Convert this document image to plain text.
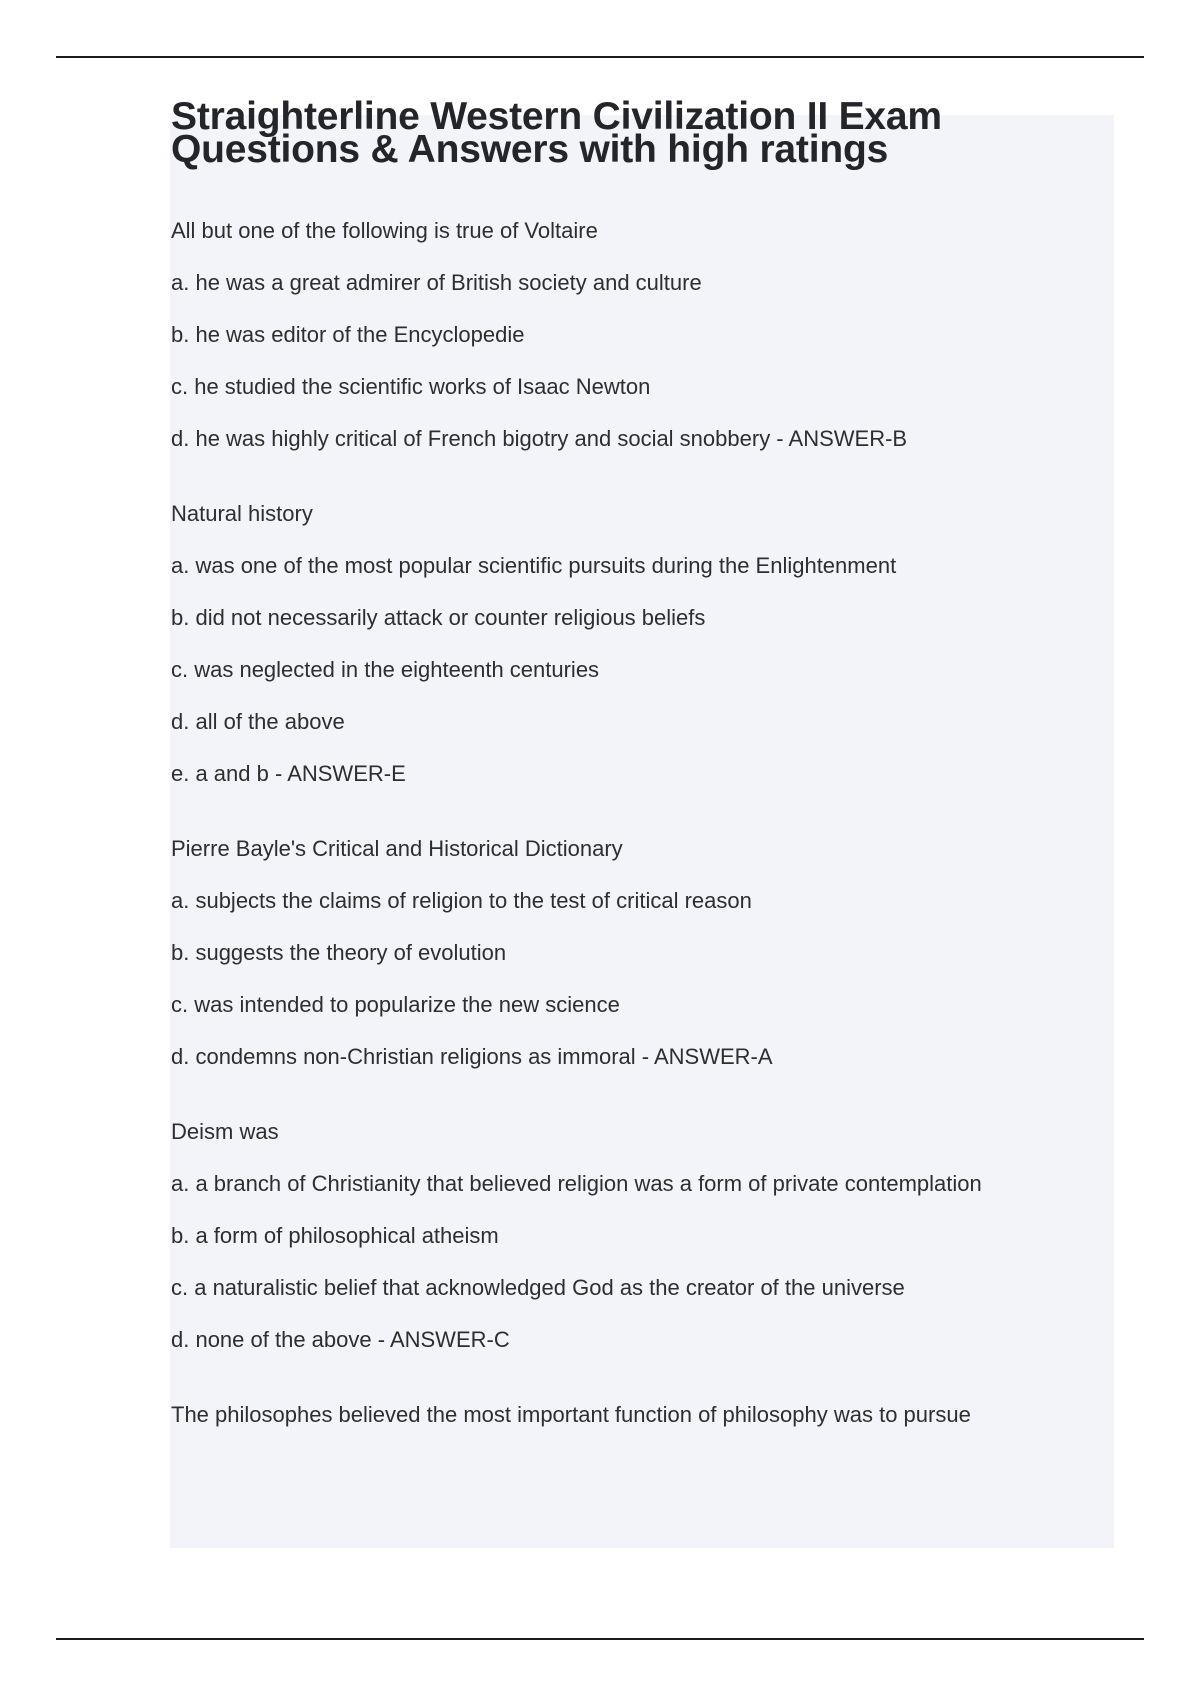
Straighterline Western Civilization II Exam
Questions & Answers with high ratings
All but one of the following is true of Voltaire
a. he was a great admirer of British society and culture
b. he was editor of the Encyclopedie
c. he studied the scientific works of Isaac Newton
d. he was highly critical of French bigotry and social snobbery - ANSWER-B
Natural history
a. was one of the most popular scientific pursuits during the Enlightenment
b. did not necessarily attack or counter religious beliefs
c. was neglected in the eighteenth centuries
d. all of the above
e. a and b - ANSWER-E
Pierre Bayle's Critical and Historical Dictionary
a. subjects the claims of religion to the test of critical reason
b. suggests the theory of evolution
c. was intended to popularize the new science
d. condemns non-Christian religions as immoral - ANSWER-A
Deism was
a. a branch of Christianity that believed religion was a form of private contemplation
b. a form of philosophical atheism
c. a naturalistic belief that acknowledged God as the creator of the universe
d. none of the above - ANSWER-C
The philosophes believed the most important function of philosophy was to pursue
